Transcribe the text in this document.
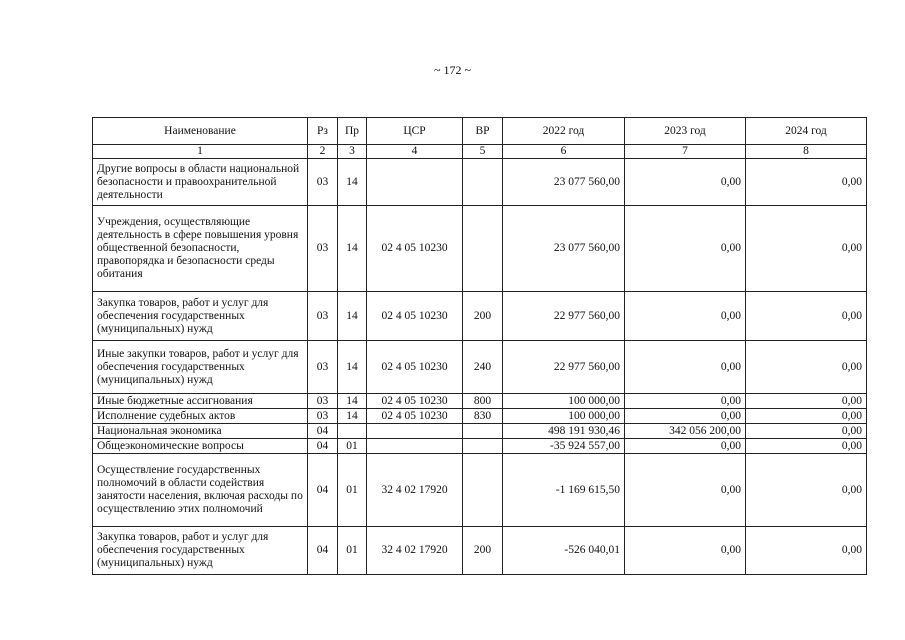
~ 172 ~
Наименование	Рз	Пр	ЦСР	ВР	2022 год	2023 год	2024 год
1	2	3	4	5	6	7	8
Другие вопросы в области национальной безопасности и правоохранительной деятельности	03	14			23 077 560,00	0,00	0,00
Учреждения, осуществляющие деятельность в сфере повышения уровня общественной безопасности, правопорядка и безопасности среды обитания	03	14	02 4 05 10230		23 077 560,00	0,00	0,00
Закупка товаров, работ и услуг для обеспечения государственных (муниципальных) нужд	03	14	02 4 05 10230	200	22 977 560,00	0,00	0,00
Иные закупки товаров, работ и услуг для обеспечения государственных (муниципальных) нужд	03	14	02 4 05 10230	240	22 977 560,00	0,00	0,00
Иные бюджетные ассигнования	03	14	02 4 05 10230	800	100 000,00	0,00	0,00
Исполнение судебных актов	03	14	02 4 05 10230	830	100 000,00	0,00	0,00
Национальная экономика	04				498 191 930,46	342 056 200,00	0,00
Общеэкономические вопросы	04	01			-35 924 557,00	0,00	0,00
Осуществление государственных полномочий в области содействия занятости населения, включая расходы по осуществлению этих полномочий	04	01	32 4 02 17920		-1 169 615,50	0,00	0,00
Закупка товаров, работ и услуг для обеспечения государственных (муниципальных) нужд	04	01	32 4 02 17920	200	-526 040,01	0,00	0,00
